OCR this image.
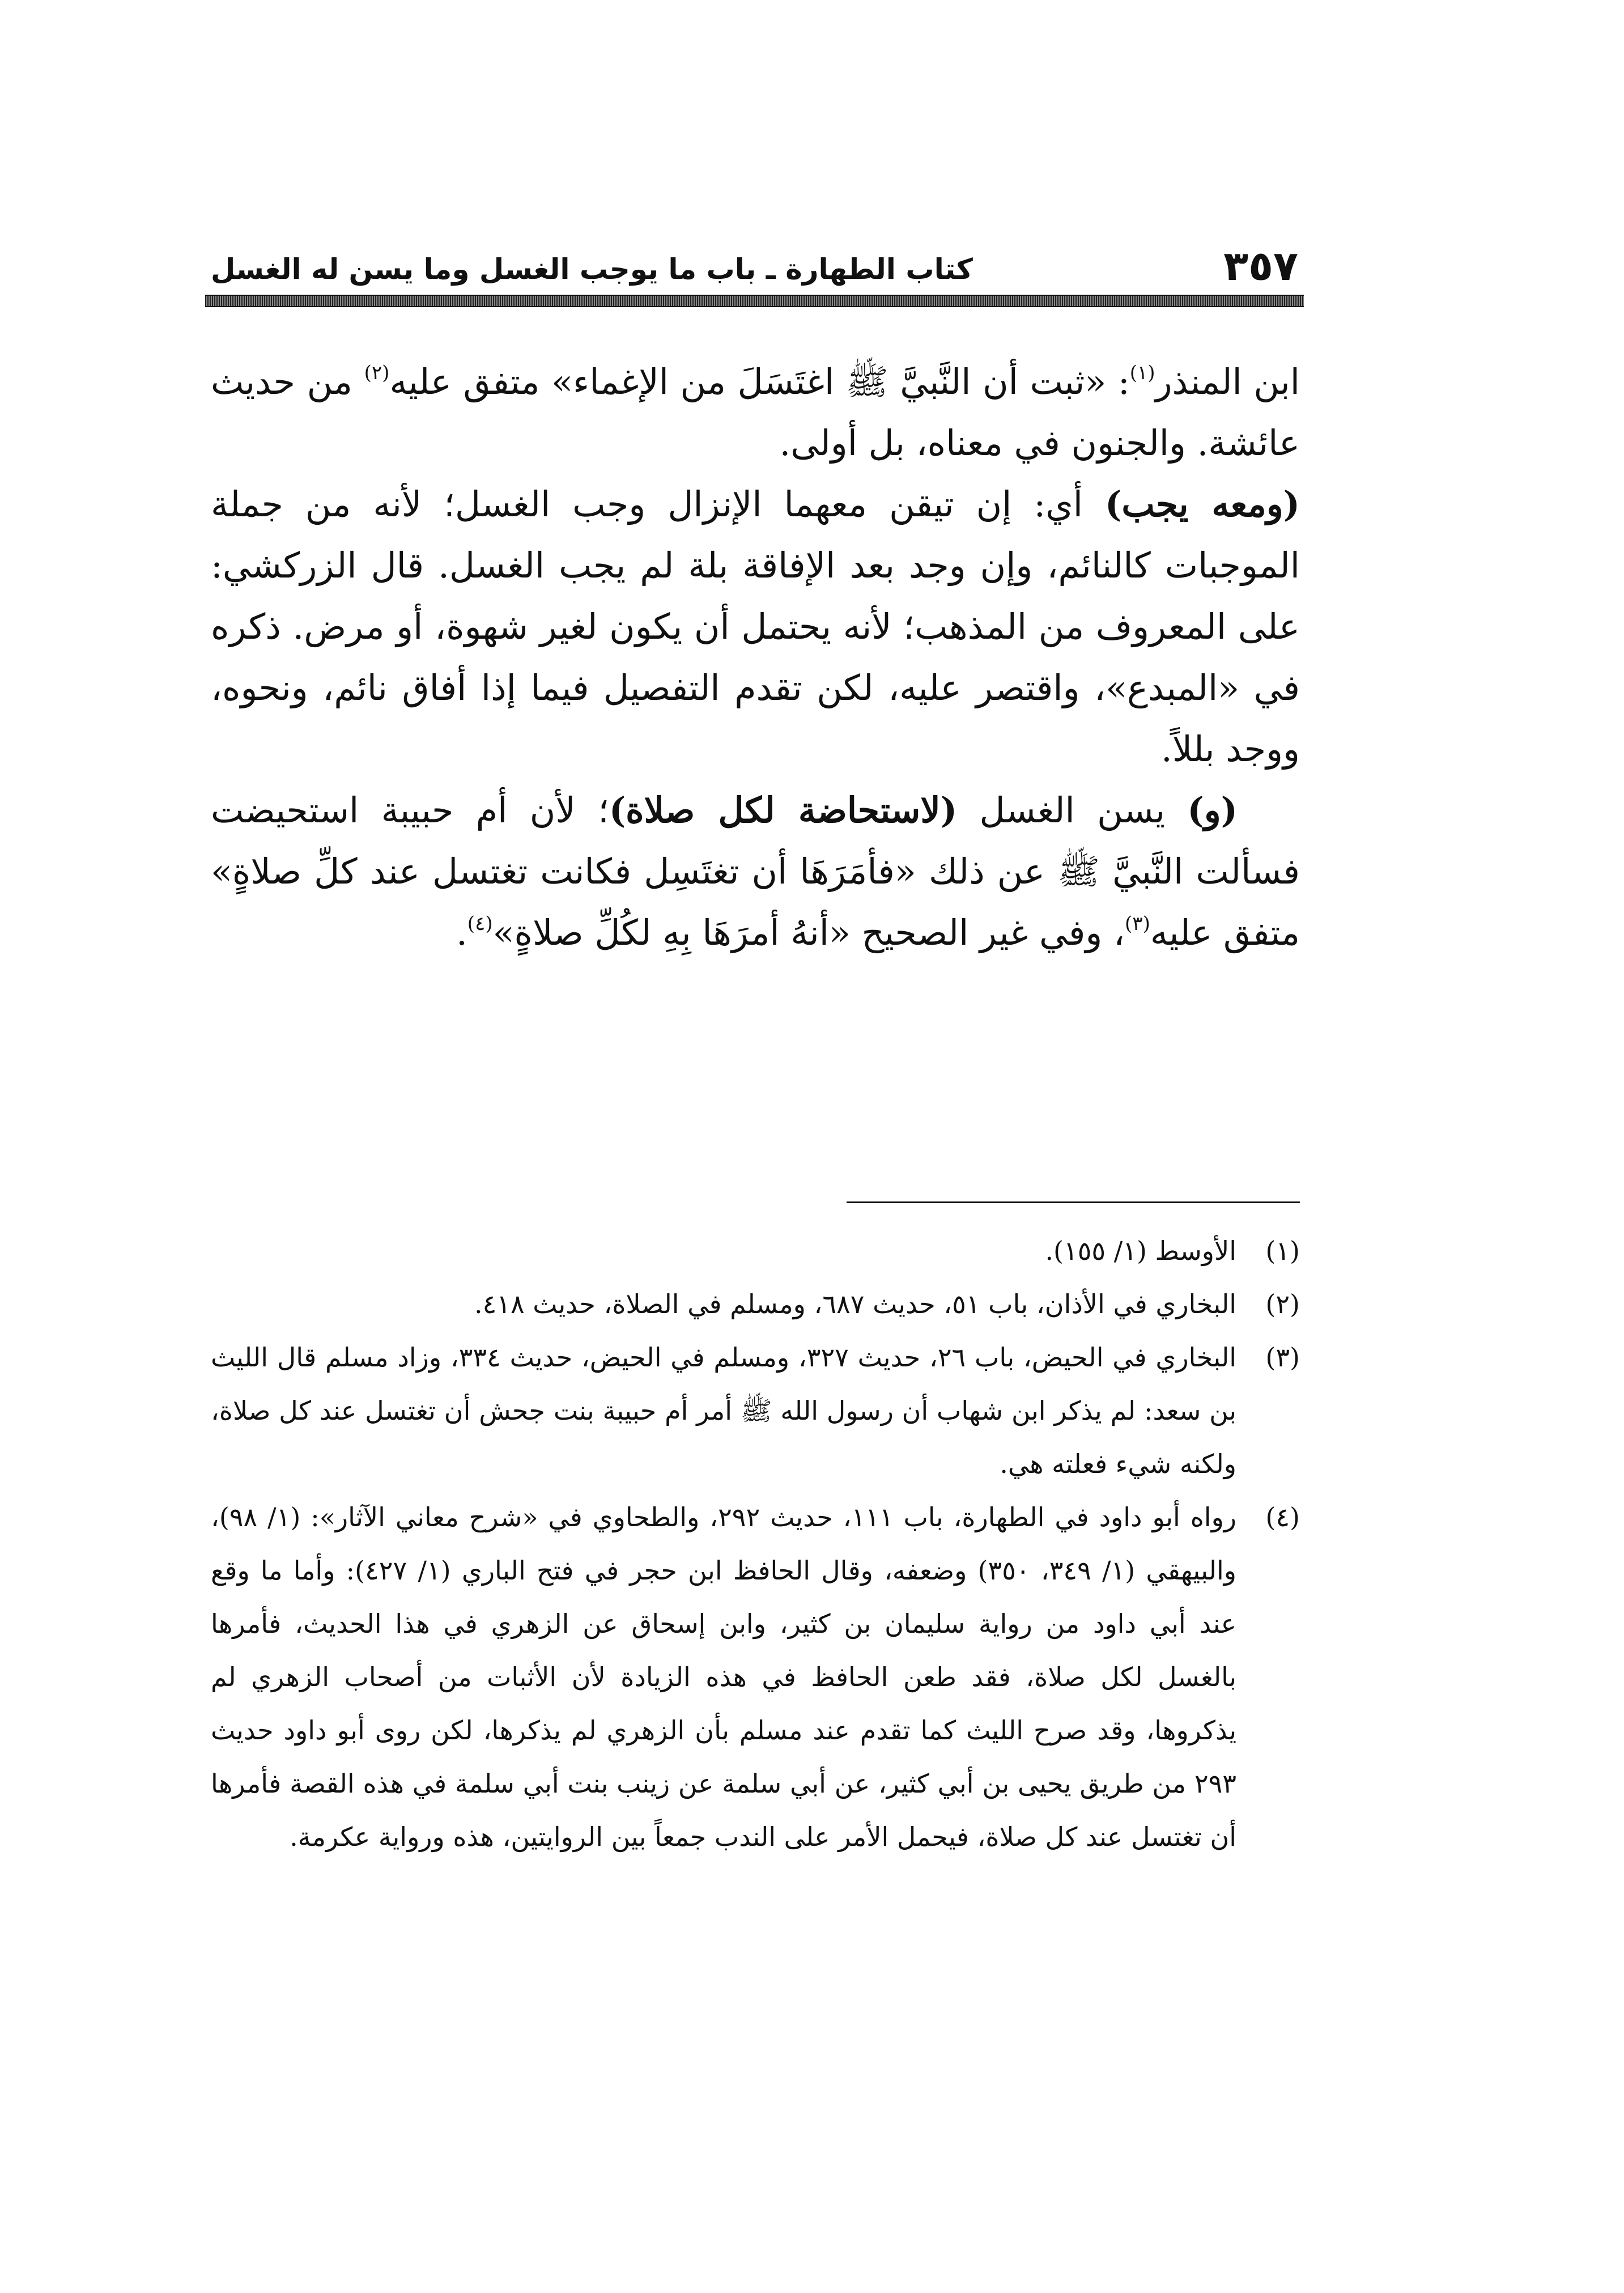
٣٥٧
كتاب الطهارة ـ باب ما يوجب الغسل وما يسن له الغسل

ابن المنذر$^{(١)}$: «ثبت أن النَّبيَّ ﷺ اغتَسَلَ من الإغماء» متفق عليه$^{(٢)}$ من حديث عائشة. والجنون في معناه، بل أولى.

(ومعه يجب) أي: إن تيقن معهما الإنزال وجب الغسل؛ لأنه من جملة الموجبات كالنائم، وإن وجد بعد الإفاقة بلة لم يجب الغسل. قال الزركشي: على المعروف من المذهب؛ لأنه يحتمل أن يكون لغير شهوة، أو مرض. ذكره في «المبدع»، واقتصر عليه، لكن تقدم التفصيل فيما إذا أفاق نائم، ونحوه، ووجد بللاً.

(و) يسن الغسل (لاستحاضة لكل صلاة)؛ لأن أم حبيبة استحيضت فسألت النَّبيَّ ﷺ عن ذلك «فأمَرَهَا أن تغتَسِل فكانت تغتسل عند كلِّ صلاةٍ» متفق عليه$^{(٣)}$، وفي غير الصحيح «أنهُ أمرَهَا بِهِ لكُلِّ صلاةٍ»$^{(٤)}$.

(١)
الأوسط (١/ ١٥٥).
(٢)
البخاري في الأذان، باب ٥١، حديث ٦٨٧، ومسلم في الصلاة، حديث ٤١٨.
(٣)
البخاري في الحيض، باب ٢٦، حديث ٣٢٧، ومسلم في الحيض، حديث ٣٣٤، وزاد مسلم قال الليث بن سعد: لم يذكر ابن شهاب أن رسول الله ﷺ أمر أم حبيبة بنت جحش أن تغتسل عند كل صلاة، ولكنه شيء فعلته هي.
(٤)
رواه أبو داود في الطهارة، باب ١١١، حديث ٢٩٢، والطحاوي في «شرح معاني الآثار»: (١/ ٩٨)، والبيهقي (١/ ٣٤٩، ٣٥٠) وضعفه، وقال الحافظ ابن حجر في فتح الباري (١/ ٤٢٧): وأما ما وقع عند أبي داود من رواية سليمان بن كثير، وابن إسحاق عن الزهري في هذا الحديث، فأمرها بالغسل لكل صلاة، فقد طعن الحافظ في هذه الزيادة لأن الأثبات من أصحاب الزهري لم يذكروها، وقد صرح الليث كما تقدم عند مسلم بأن الزهري لم يذكرها، لكن روى أبو داود حديث ٢٩٣ من طريق يحيى بن أبي كثير، عن أبي سلمة عن زينب بنت أبي سلمة في هذه القصة فأمرها أن تغتسل عند كل صلاة، فيحمل الأمر على الندب جمعاً بين الروايتين، هذه ورواية عكرمة.
